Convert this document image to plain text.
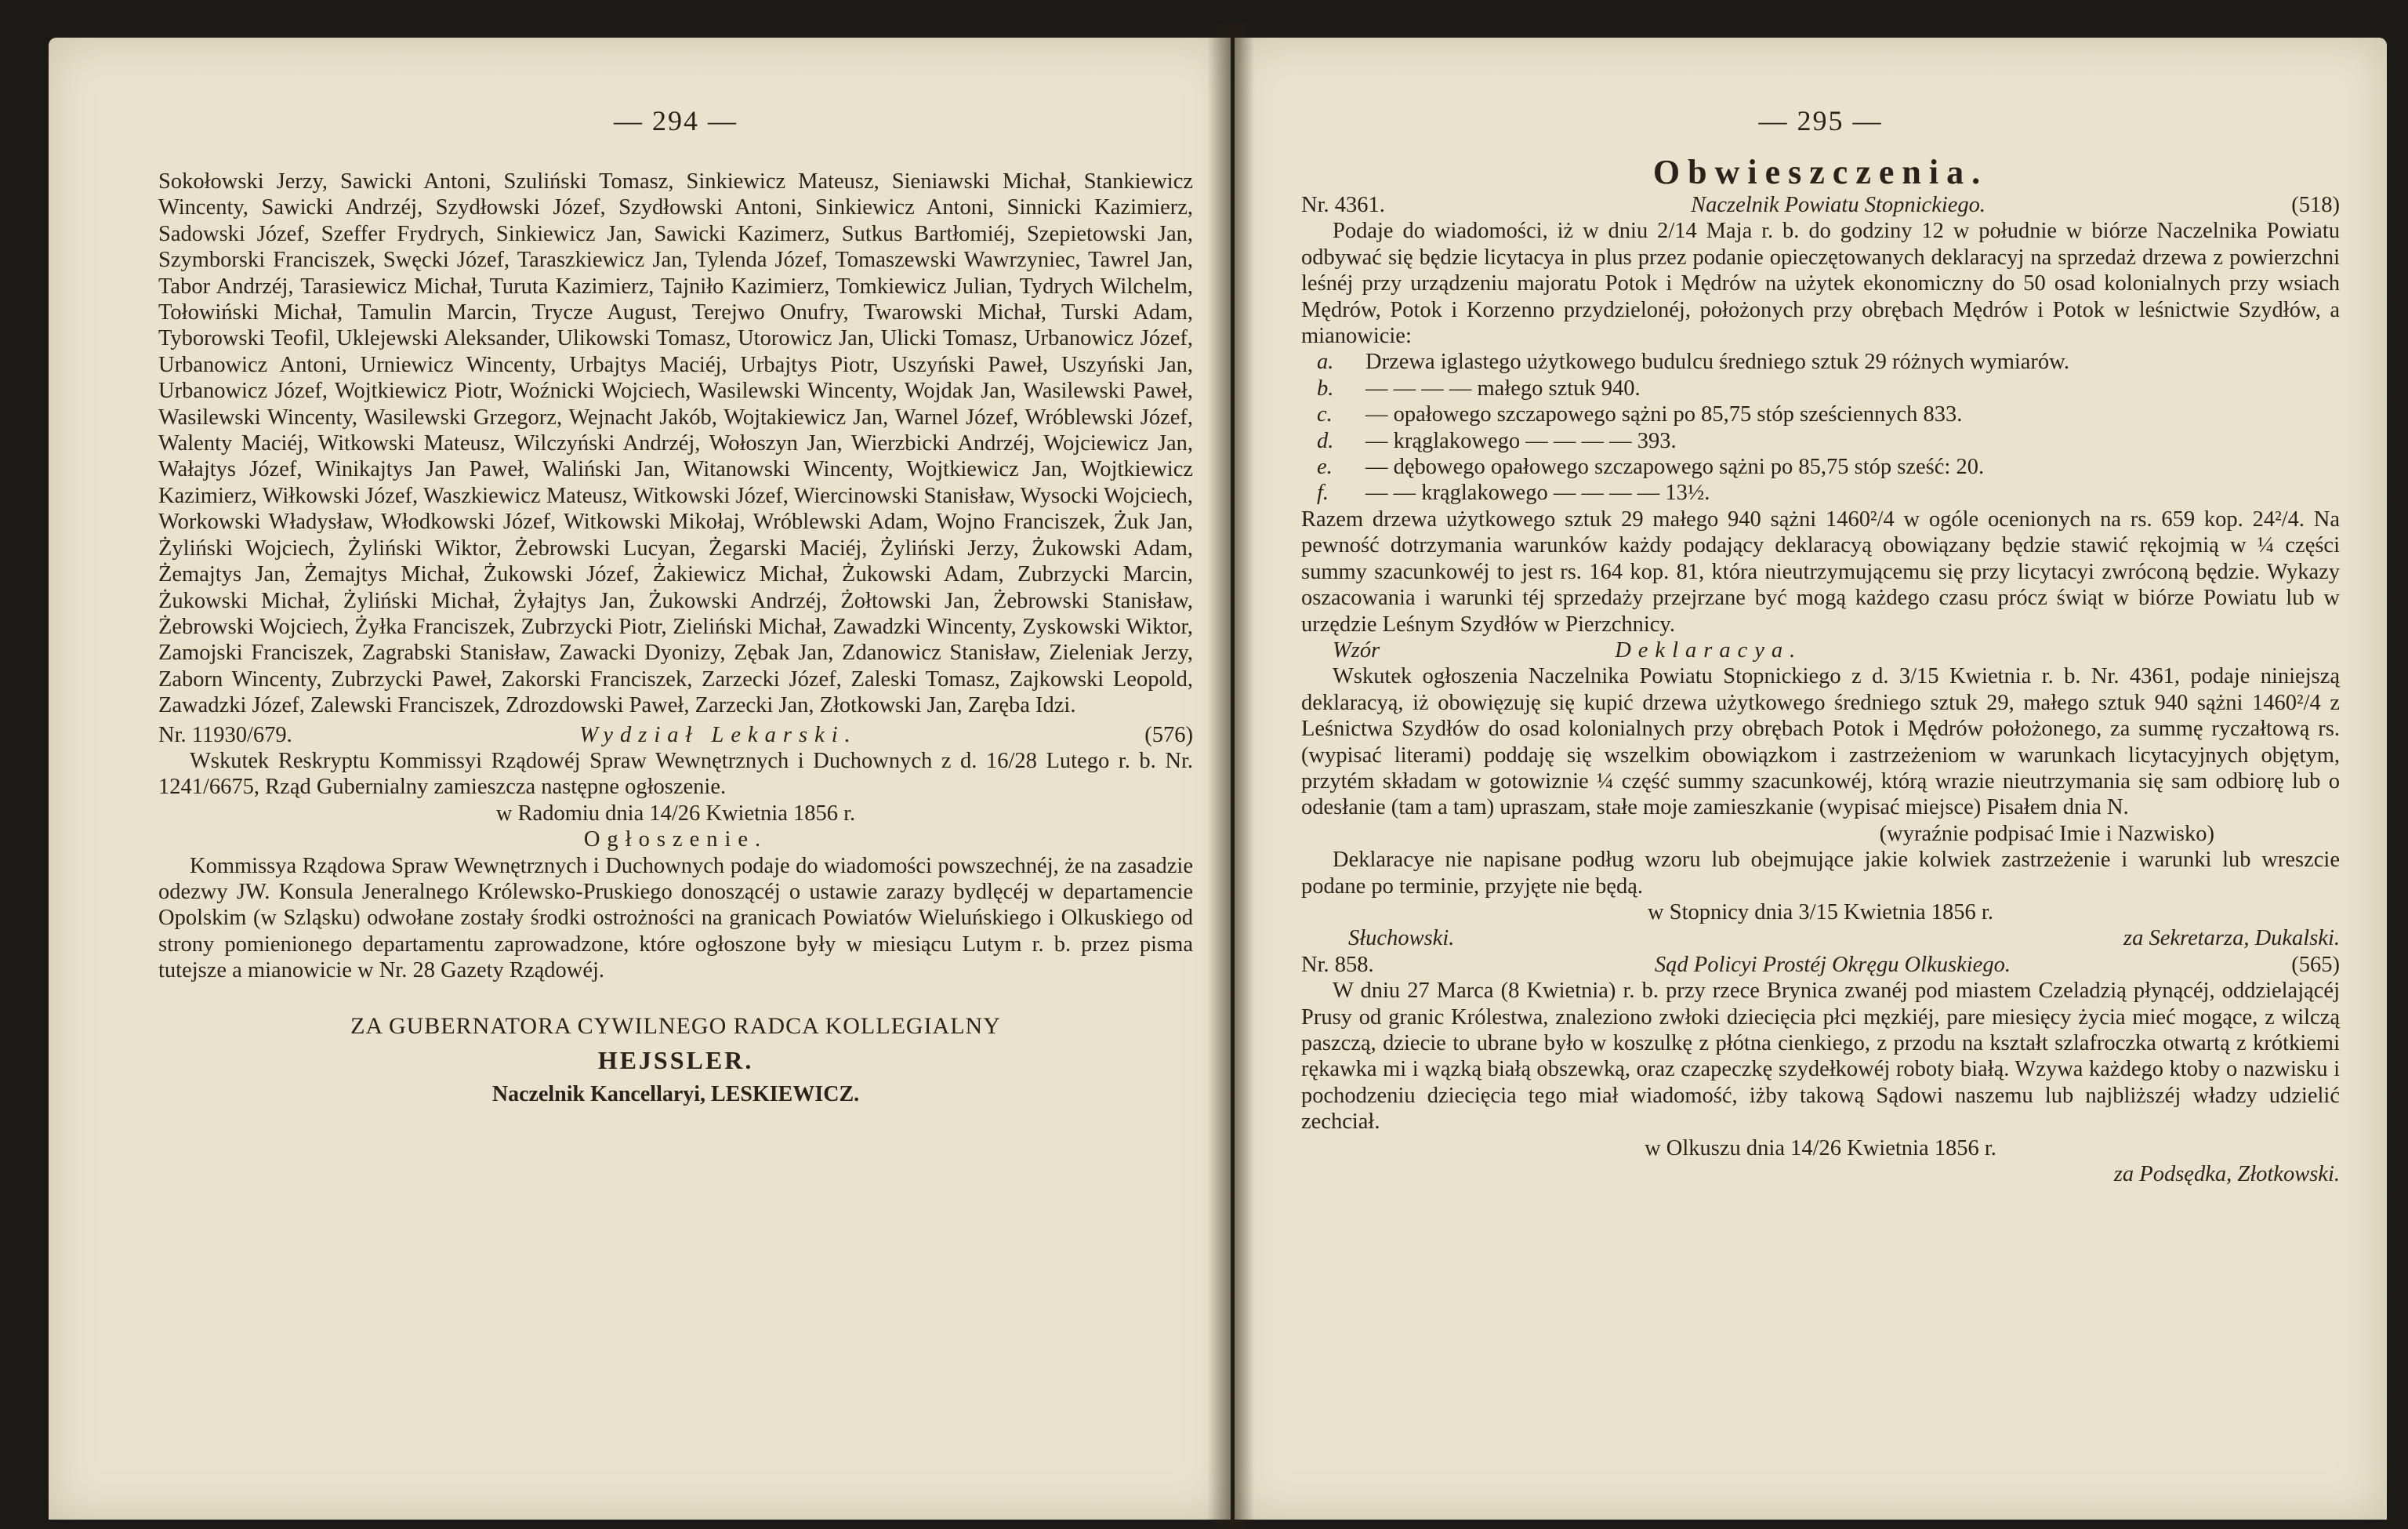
— 294 —

Sokołowski Jerzy, Sawicki Antoni, Szuliński Tomasz, Sinkiewicz Mateusz, Sieniawski Michał, Stankiewicz Wincenty, Sawicki Andrzéj, Szydłowski Józef, Szydłowski Antoni, Sinkiewicz Antoni, Sinnicki Kazimierz, Sadowski Józef, Szeffer Frydrych, Sinkiewicz Jan, Sawicki Kazimerz, Sutkus Bartłomiéj, Szepietowski Jan, Szymborski Franciszek, Swęcki Józef, Taraszkiewicz Jan, Tylenda Józef, Tomaszewski Wawrzyniec, Tawrel Jan, Tabor Andrzéj, Tarasiewicz Michał, Turuta Kazimierz, Tajniło Kazimierz, Tomkiewicz Julian, Tydrych Wilchelm, Tołowiński Michał, Tamulin Marcin, Trycze August, Terejwo Onufry, Twarowski Michał, Turski Adam, Tyborowski Teofil, Uklejewski Aleksander, Ulikowski Tomasz, Utorowicz Jan, Ulicki Tomasz, Urbanowicz Józef, Urbanowicz Antoni, Urniewicz Wincenty, Urbajtys Maciéj, Urbajtys Piotr, Uszyński Paweł, Uszyński Jan, Urbanowicz Józef, Wojtkiewicz Piotr, Woźnicki Wojciech, Wasilewski Wincenty, Wojdak Jan, Wasilewski Paweł, Wasilewski Wincenty, Wasilewski Grzegorz, Wejnacht Jakób, Wojtakiewicz Jan, Warnel Józef, Wróblewski Józef, Walenty Maciéj, Witkowski Mateusz, Wilczyński Andrzéj, Wołoszyn Jan, Wierzbicki Andrzéj, Wojciewicz Jan, Wałajtys Józef, Winikajtys Jan Paweł, Waliński Jan, Witanowski Wincenty, Wojtkiewicz Jan, Wojtkiewicz Kazimierz, Wiłkowski Józef, Waszkiewicz Mateusz, Witkowski Józef, Wiercinowski Stanisław, Wysocki Wojciech, Workowski Władysław, Włodkowski Józef, Witkowski Mikołaj, Wróblewski Adam, Wojno Franciszek, Żuk Jan, Żyliński Wojciech, Żyliński Wiktor, Żebrowski Lucyan, Żegarski Maciéj, Żyliński Jerzy, Żukowski Adam, Żemajtys Jan, Żemajtys Michał, Żukowski Józef, Żakiewicz Michał, Żukowski Adam, Zubrzycki Marcin, Żukowski Michał, Żyliński Michał, Żyłajtys Jan, Żukowski Andrzéj, Żołtowski Jan, Żebrowski Stanisław, Żebrowski Wojciech, Żyłka Franciszek, Zubrzycki Piotr, Zieliński Michał, Zawadzki Wincenty, Zyskowski Wiktor, Zamojski Franciszek, Zagrabski Stanisław, Zawacki Dyonizy, Zębak Jan, Zdanowicz Stanisław, Zieleniak Jerzy, Zaborn Wincenty, Zubrzycki Paweł, Zakorski Franciszek, Zarzecki Józef, Zaleski Tomasz, Zajkowski Leopold, Zawadzki Józef, Zalewski Franciszek, Zdrozdowski Paweł, Zarzecki Jan, Złotkowski Jan, Zaręba Idzi.

Nr. 11930/679.	Wydział Lekarski.	(576)

Wskutek Reskryptu Kommissyi Rządowéj Spraw Wewnętrznych i Duchownych z d. 16/28 Lutego r. b. Nr. 1241/6675, Rząd Gubernialny zamieszcza następne ogłoszenie.

w Radomiu dnia 14/26 Kwietnia 1856 r.
Ogłoszenie.

Kommissya Rządowa Spraw Wewnętrznych i Duchownych podaje do wiadomości powszechnéj, że na zasadzie odezwy JW. Konsula Jeneralnego Królewsko-Pruskiego donoszącéj o ustawie zarazy bydlęcéj w departamencie Opolskim (w Szląsku) odwołane zostały środki ostrożności na granicach Powiatów Wieluńskiego i Olkuskiego od strony pomienionego departamentu zaprowadzone, które ogłoszone były w miesiącu Lutym r. b. przez pisma tutejsze a mianowicie w Nr. 28 Gazety Rządowéj.

ZA GUBERNATORA CYWILNEGO RADCA KOLLEGIALNY
HEJSSLER.
Naczelnik Kancellaryi, LESKIEWICZ.
— 295 —
Obwieszczenia.
Nr. 4361.	Naczelnik Powiatu Stopnickiego.	(518)

Podaje do wiadomości, iż w dniu 2/14 Maja r. b. do godziny 12 w południe w biórze Naczelnika Powiatu odbywać się będzie licytacya in plus przez podanie opieczętowanych deklaracyj na sprzedaż drzewa z powierzchni leśnéj przy urządzeniu majoratu Potok i Mędrów na użytek ekonomiczny do 50 osad kolonialnych przy wsiach Mędrów, Potok i Korzenno przydzielonéj, położonych przy obrębach Mędrów i Potok w leśnictwie Szydłów, a mianowicie:

a.	Drzewa iglastego użytkowego budulcu średniego sztuk 29 różnych wymiarów.
b.	— — — — małego sztuk 940.
c.	— opałowego szczapowego sążni po 85,75 stóp sześciennych 833.
d.	— krąglakowego — — — — 393.
e.	— dębowego opałowego szczapowego sążni po 85,75 stóp sześć: 20.
f.	— — krąglakowego — — — — 13½.

Razem drzewa użytkowego sztuk 29 małego 940 sążni 1460²/4 w ogóle ocenionych na rs. 659 kop. 24²/4. Na pewność dotrzymania warunków każdy podający deklaracyą obowiązany będzie stawić rękojmią w ¼ części summy szacunkowéj to jest rs. 164 kop. 81, która nieutrzymującemu się przy licytacyi zwróconą będzie. Wykazy oszacowania i warunki téj sprzedaży przejrzane być mogą każdego czasu prócz świąt w biórze Powiatu lub w urzędzie Leśnym Szydłów w Pierzchnicy.

Wzór	Deklaracya.

Wskutek ogłoszenia Naczelnika Powiatu Stopnickiego z d. 3/15 Kwietnia r. b. Nr. 4361, podaje niniejszą deklaracyą, iż obowięzuję się kupić drzewa użytkowego średniego sztuk 29, małego sztuk 940 sążni 1460²/4 z Leśnictwa Szydłów do osad kolonialnych przy obrębach Potok i Mędrów położonego, za summę ryczałtową rs. (wypisać literami) poddaję się wszelkim obowiązkom i zastrzeżeniom w warunkach licytacyjnych objętym, przytém składam w gotowiznie ¼ część summy szacunkowéj, którą wrazie nieutrzymania się sam odbiorę lub o odesłanie (tam a tam) upraszam, stałe moje zamieszkanie (wypisać miejsce) Pisałem dnia N.

(wyraźnie podpisać Imie i Nazwisko)

Deklaracye nie napisane podług wzoru lub obejmujące jakie kolwiek zastrzeżenie i warunki lub wreszcie podane po terminie, przyjęte nie będą.

w Stopnicy dnia 3/15 Kwietnia 1856 r.
Słuchowski.	za Sekretarza, Dukalski.
Nr. 858.	Sąd Policyi Prostéj Okręgu Olkuskiego.	(565)

W dniu 27 Marca (8 Kwietnia) r. b. przy rzece Brynica zwanéj pod miastem Czeladzią płynącéj, oddzielającéj Prusy od granic Królestwa, znaleziono zwłoki dziecięcia płci męzkiéj, pare miesięcy życia mieć mogące, z wilczą paszczą, dziecie to ubrane było w koszulkę z płótna cienkiego, z przodu na kształt szlafroczka otwartą z krótkiemi rękawka mi i wązką białą obszewką, oraz czapeczkę szydełkowéj roboty białą. Wzywa każdego ktoby o nazwisku i pochodzeniu dziecięcia tego miał wiadomość, iżby takową Sądowi naszemu lub najbliższéj władzy udzielić zechciał.

w Olkuszu dnia 14/26 Kwietnia 1856 r.
za Podsędka, Złotkowski.
